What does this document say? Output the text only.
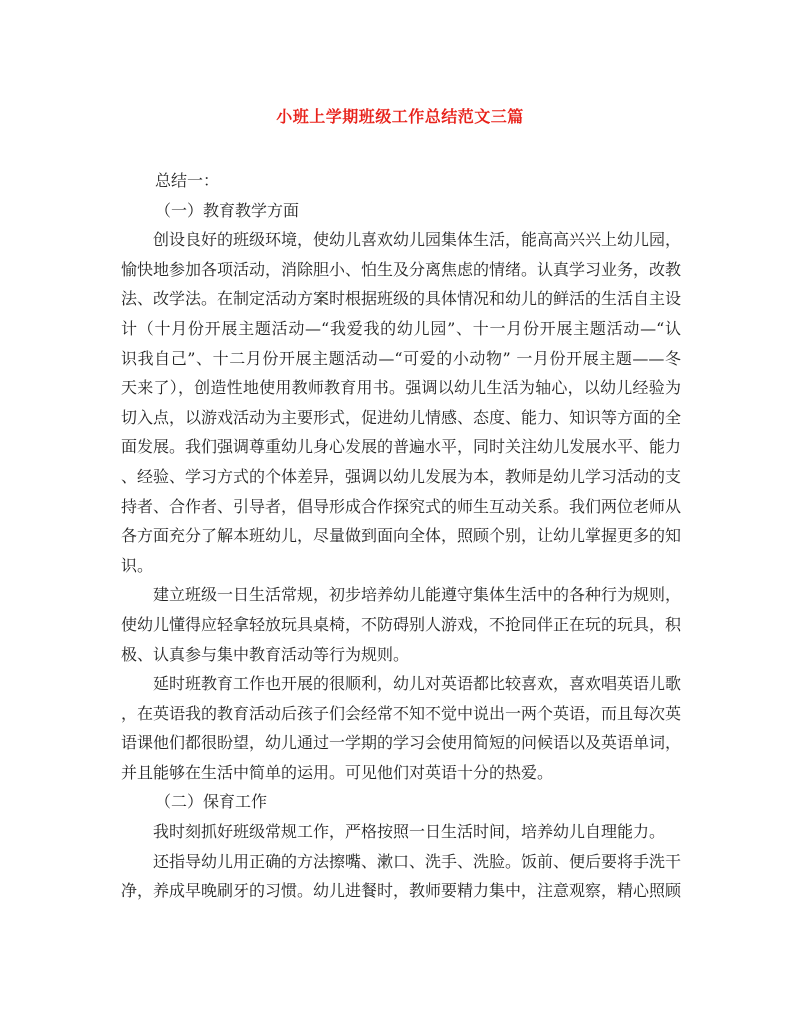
小班上学期班级工作总结范文三篇
总结一：
（一）教育教学方面
创设良好的班级环境，使幼儿喜欢幼儿园集体生活，能高高兴兴上幼儿园，
愉快地参加各项活动，消除胆小、怕生及分离焦虑的情绪。认真学习业务，改教
法、改学法。在制定活动方案时根据班级的具体情况和幼儿的鲜活的生活自主设
计（十月份开展主题活动—“我爱我的幼儿园”、十一月份开展主题活动—“认
识我自己”、十二月份开展主题活动—“可爱的小动物” 一月份开展主题——冬
天来了），创造性地使用教师教育用书。强调以幼儿生活为轴心，以幼儿经验为
切入点，以游戏活动为主要形式，促进幼儿情感、态度、能力、知识等方面的全
面发展。我们强调尊重幼儿身心发展的普遍水平，同时关注幼儿发展水平、能力
、经验、学习方式的个体差异，强调以幼儿发展为本，教师是幼儿学习活动的支
持者、合作者、引导者，倡导形成合作探究式的师生互动关系。我们两位老师从
各方面充分了解本班幼儿，尽量做到面向全体，照顾个别，让幼儿掌握更多的知
识。
建立班级一日生活常规，初步培养幼儿能遵守集体生活中的各种行为规则，
使幼儿懂得应轻拿轻放玩具桌椅，不防碍别人游戏，不抢同伴正在玩的玩具，积
极、认真参与集中教育活动等行为规则。
延时班教育工作也开展的很顺利，幼儿对英语都比较喜欢，喜欢唱英语儿歌
，在英语我的教育活动后孩子们会经常不知不觉中说出一两个英语，而且每次英
语课他们都很盼望，幼儿通过一学期的学习会使用简短的问候语以及英语单词，
并且能够在生活中简单的运用。可见他们对英语十分的热爱。
（二）保育工作
我时刻抓好班级常规工作，严格按照一日生活时间，培养幼儿自理能力。
还指导幼儿用正确的方法擦嘴、漱口、洗手、洗脸。饭前、便后要将手洗干
净，养成早晚刷牙的习惯。幼儿进餐时，教师要精力集中，注意观察，精心照顾
